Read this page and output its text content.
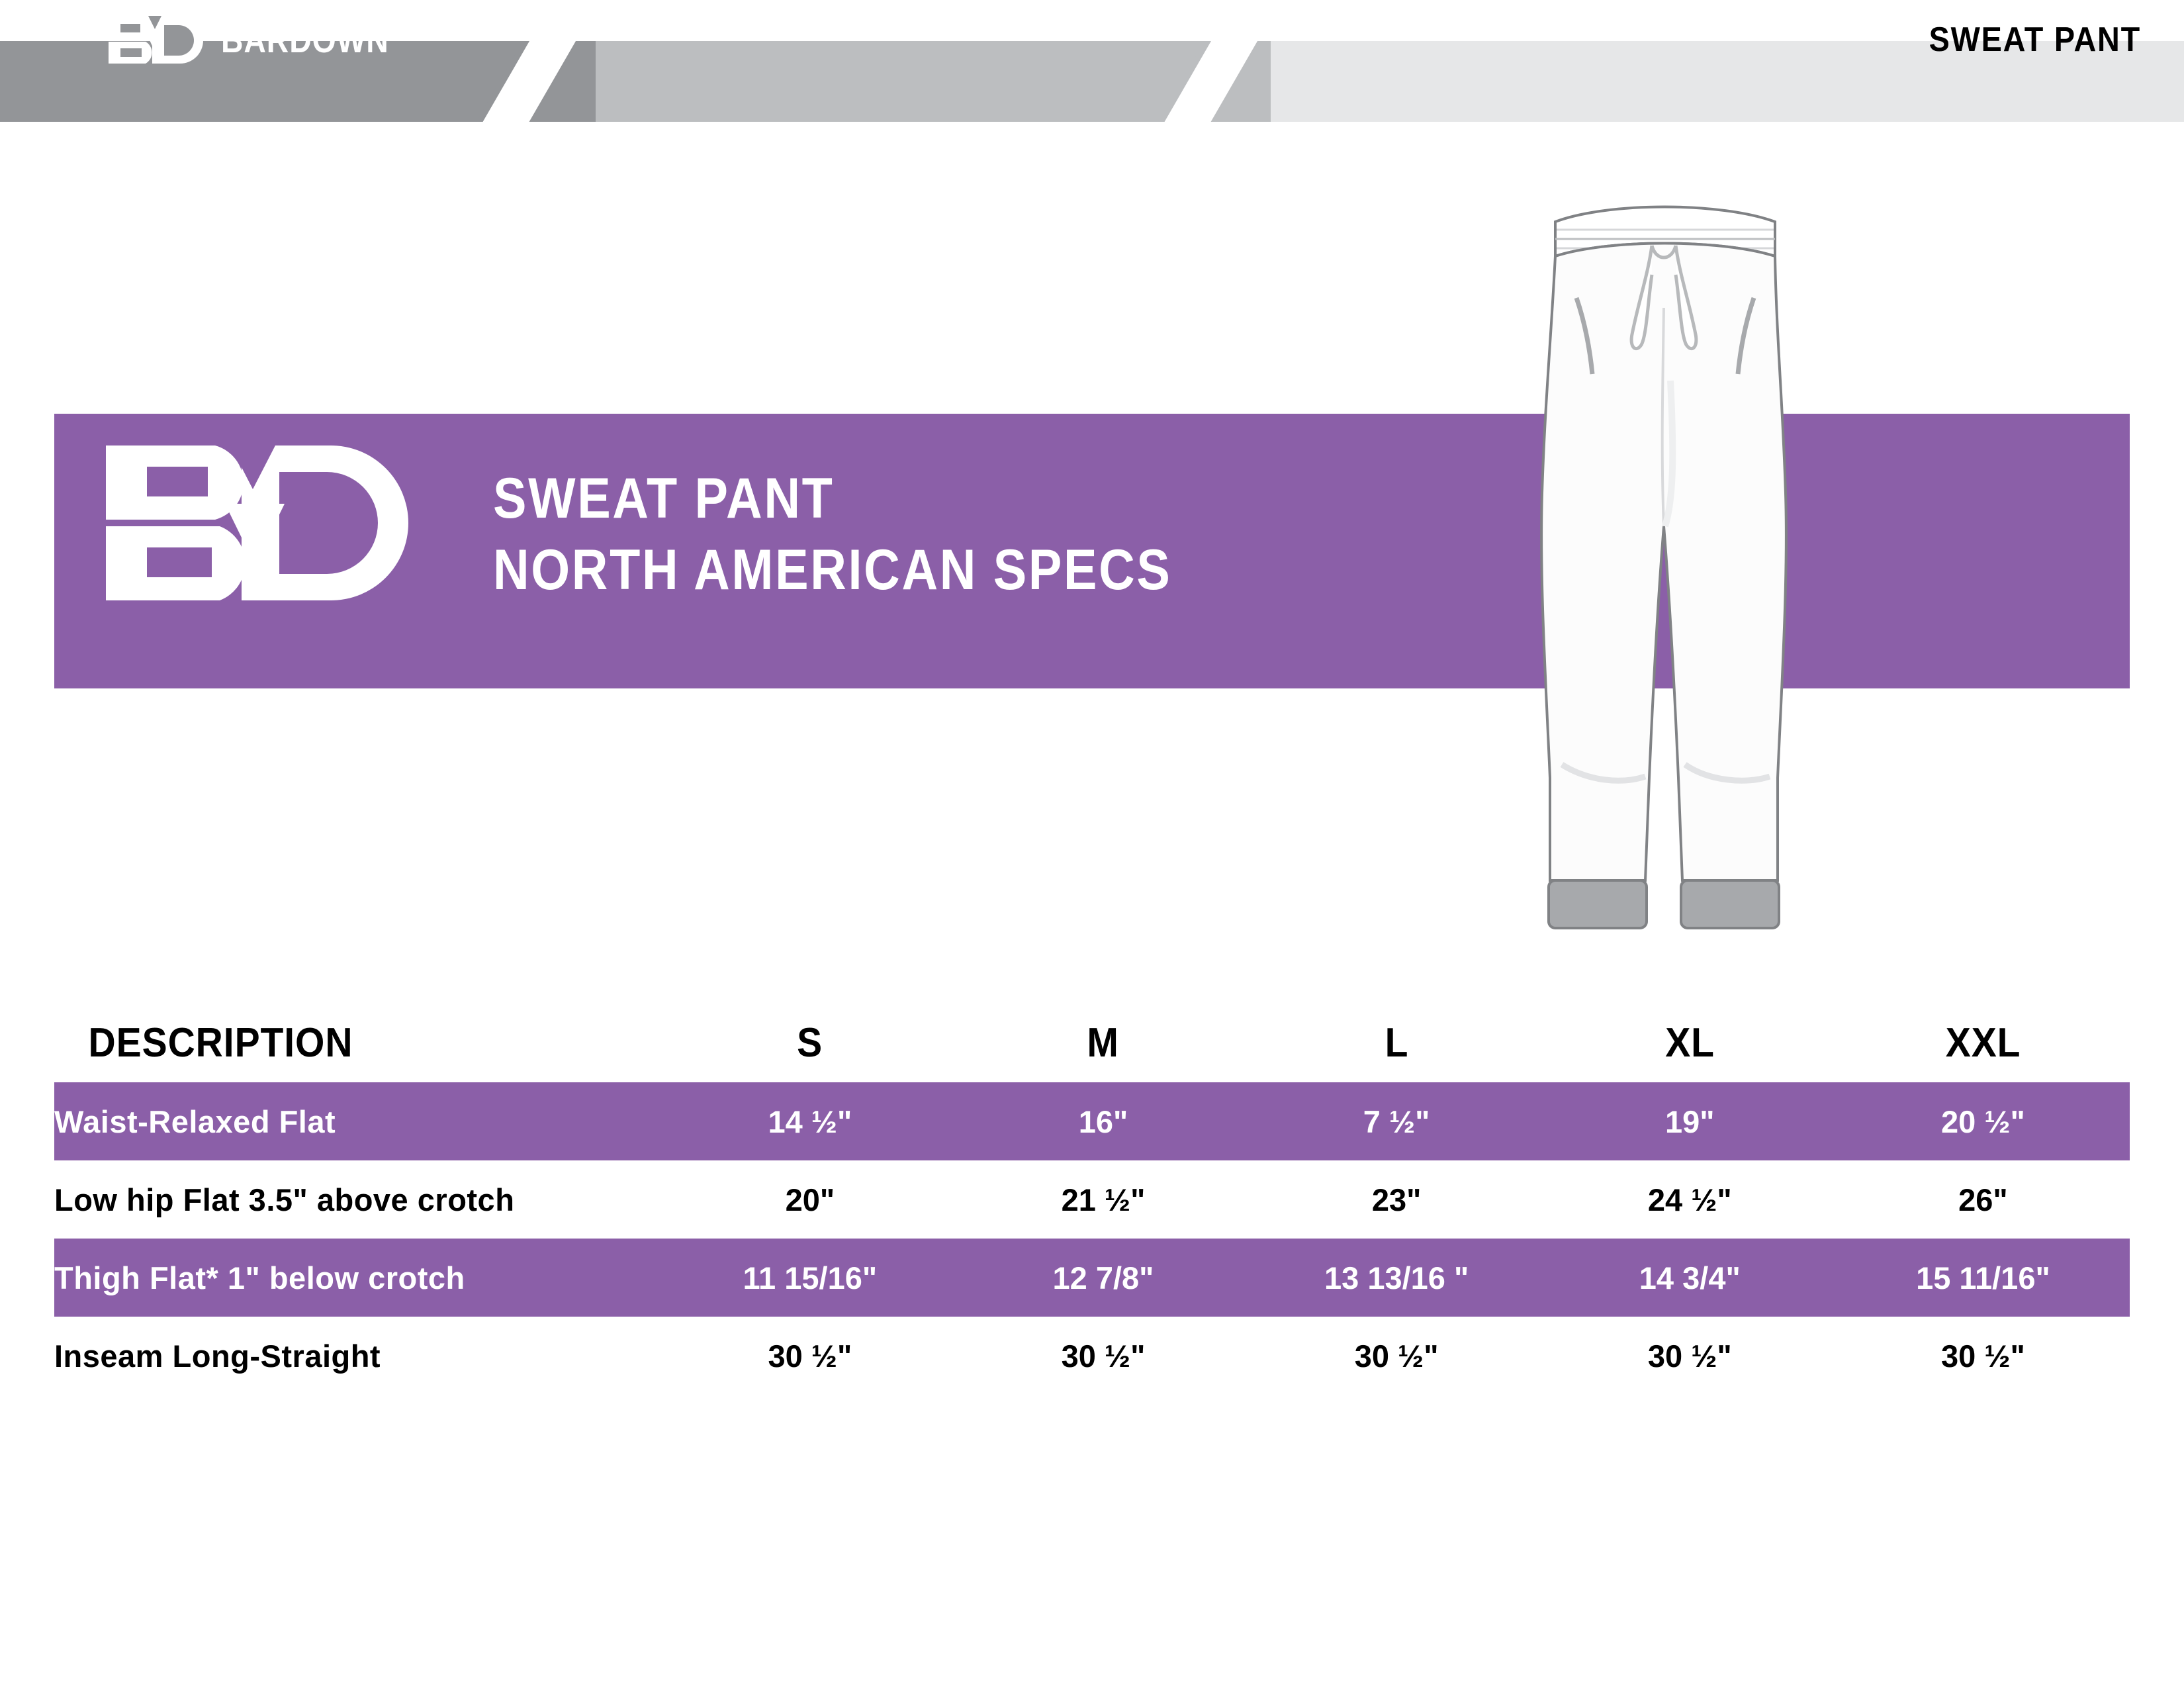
BARDOWN	SWEAT PANT
SWEAT PANT
NORTH AMERICAN SPECS
DESCRIPTION	S	M	L	XL	XXL
Waist-Relaxed Flat	14 ½"	16"	7 ½"	19"	20 ½"
Low hip Flat 3.5" above crotch	20"	21 ½"	23"	24 ½"	26"
Thigh Flat* 1" below crotch	11 15/16"	12 7/8"	13 13/16 "	14 3/4"	15 11/16"
Inseam Long-Straight	30 ½"	30 ½"	30 ½"	30 ½"	30 ½"
